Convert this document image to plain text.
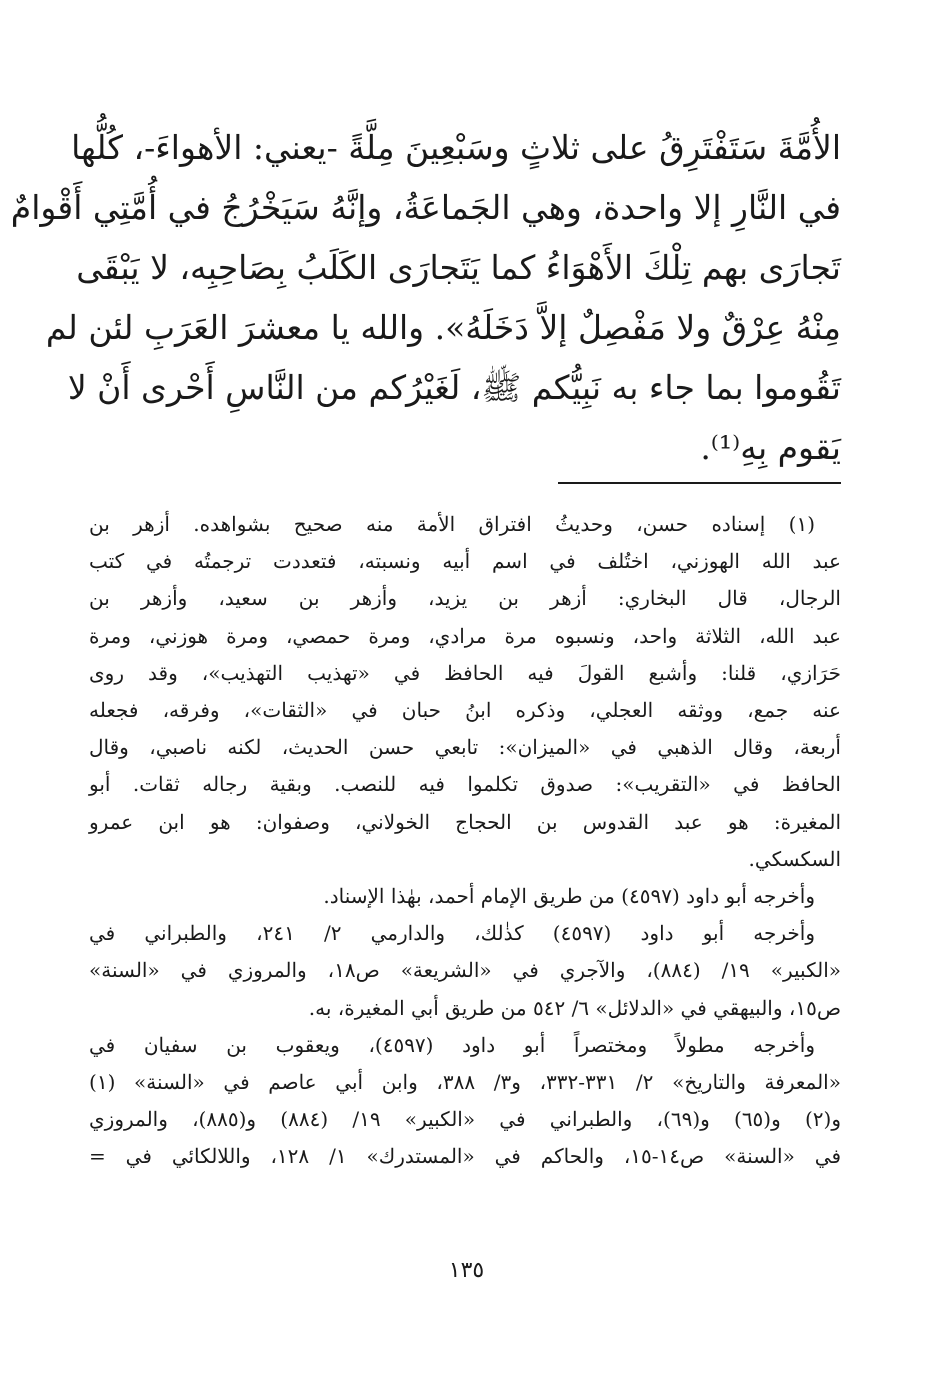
الأُمَّةَ سَتَفْتَرِقُ على ثلاثٍ وسَبْعِينَ مِلَّةً -يعني: الأهواءَ-، كُلُّها
في النَّارِ إلا واحدة، وهي الجَماعَةُ، وإنَّهُ سَيَخْرُجُ في أُمَّتِي أَقْوامٌ
تَجارَى بهم تِلْكَ الأَهْوَاءُ كما يَتَجارَى الكَلَبُ بِصَاحِبِه، لا يَبْقَى
مِنْهُ عِرْقٌ ولا مَفْصِلٌ إلاَّ دَخَلَهُ». والله يا معشرَ العَرَبِ لئن لم
تَقُوموا بما جاء به نَبِيُّكم ﷺ، لَغَيْرُكم من النَّاسِ أَحْرى أَنْ لا
يَقوم بِهِ⁽¹⁾.
(١) إسناده حسن، وحديثُ افتراق الأمة منه صحيح بشواهده. أزهر بن
عبد الله الهوزني، اختُلف في اسم أبيه ونسبته، فتعددت ترجمتُه في كتب
الرجال، قال البخاري: أزهر بن يزيد، وأزهر بن سعيد، وأزهر بن
عبد الله، الثلاثة واحد، ونسبوه مرة مرادي، ومرة حمصي، ومرة هوزني، ومرة
حَرَازي، قلنا: وأشبع القولَ فيه الحافظ في «تهذيب التهذيب»، وقد روى
عنه جمع، ووثقه العجلي، وذكره ابنُ حبان في «الثقات»، وفرقه، فجعله
أربعة، وقال الذهبي في «الميزان»: تابعي حسن الحديث، لكنه ناصبي، وقال
الحافظ في «التقريب»: صدوق تكلموا فيه للنصب. وبقية رجاله ثقات. أبو
المغيرة: هو عبد القدوس بن الحجاج الخولاني، وصفوان: هو ابن عمرو
السكسكي.
وأخرجه أبو داود (٤٥٩٧) من طريق الإمام أحمد، بهٰذا الإسناد.
وأخرجه أبو داود (٤٥٩٧) كذٰلك، والدارمي ٢/ ٢٤١، والطبراني في
«الكبير» ١٩/ (٨٨٤)، والآجري في «الشريعة» ص١٨، والمروزي في «السنة»
ص١٥، والبيهقي في «الدلائل» ٦/ ٥٤٢ من طريق أبي المغيرة، به.
وأخرجه مطولاً ومختصراً أبو داود (٤٥٩٧)، ويعقوب بن سفيان في
«المعرفة والتاريخ» ٢/ ٣٣١-٣٣٢، و٣/ ٣٨٨، وابن أبي عاصم في «السنة» (١)
و(٢) و(٦٥) و(٦٩)، والطبراني في «الكبير» ١٩/ (٨٨٤) و(٨٨٥)، والمروزي
في «السنة» ص١٤-١٥، والحاكم في «المستدرك» ١/ ١٢٨، واللالكائي في =
١٣٥
